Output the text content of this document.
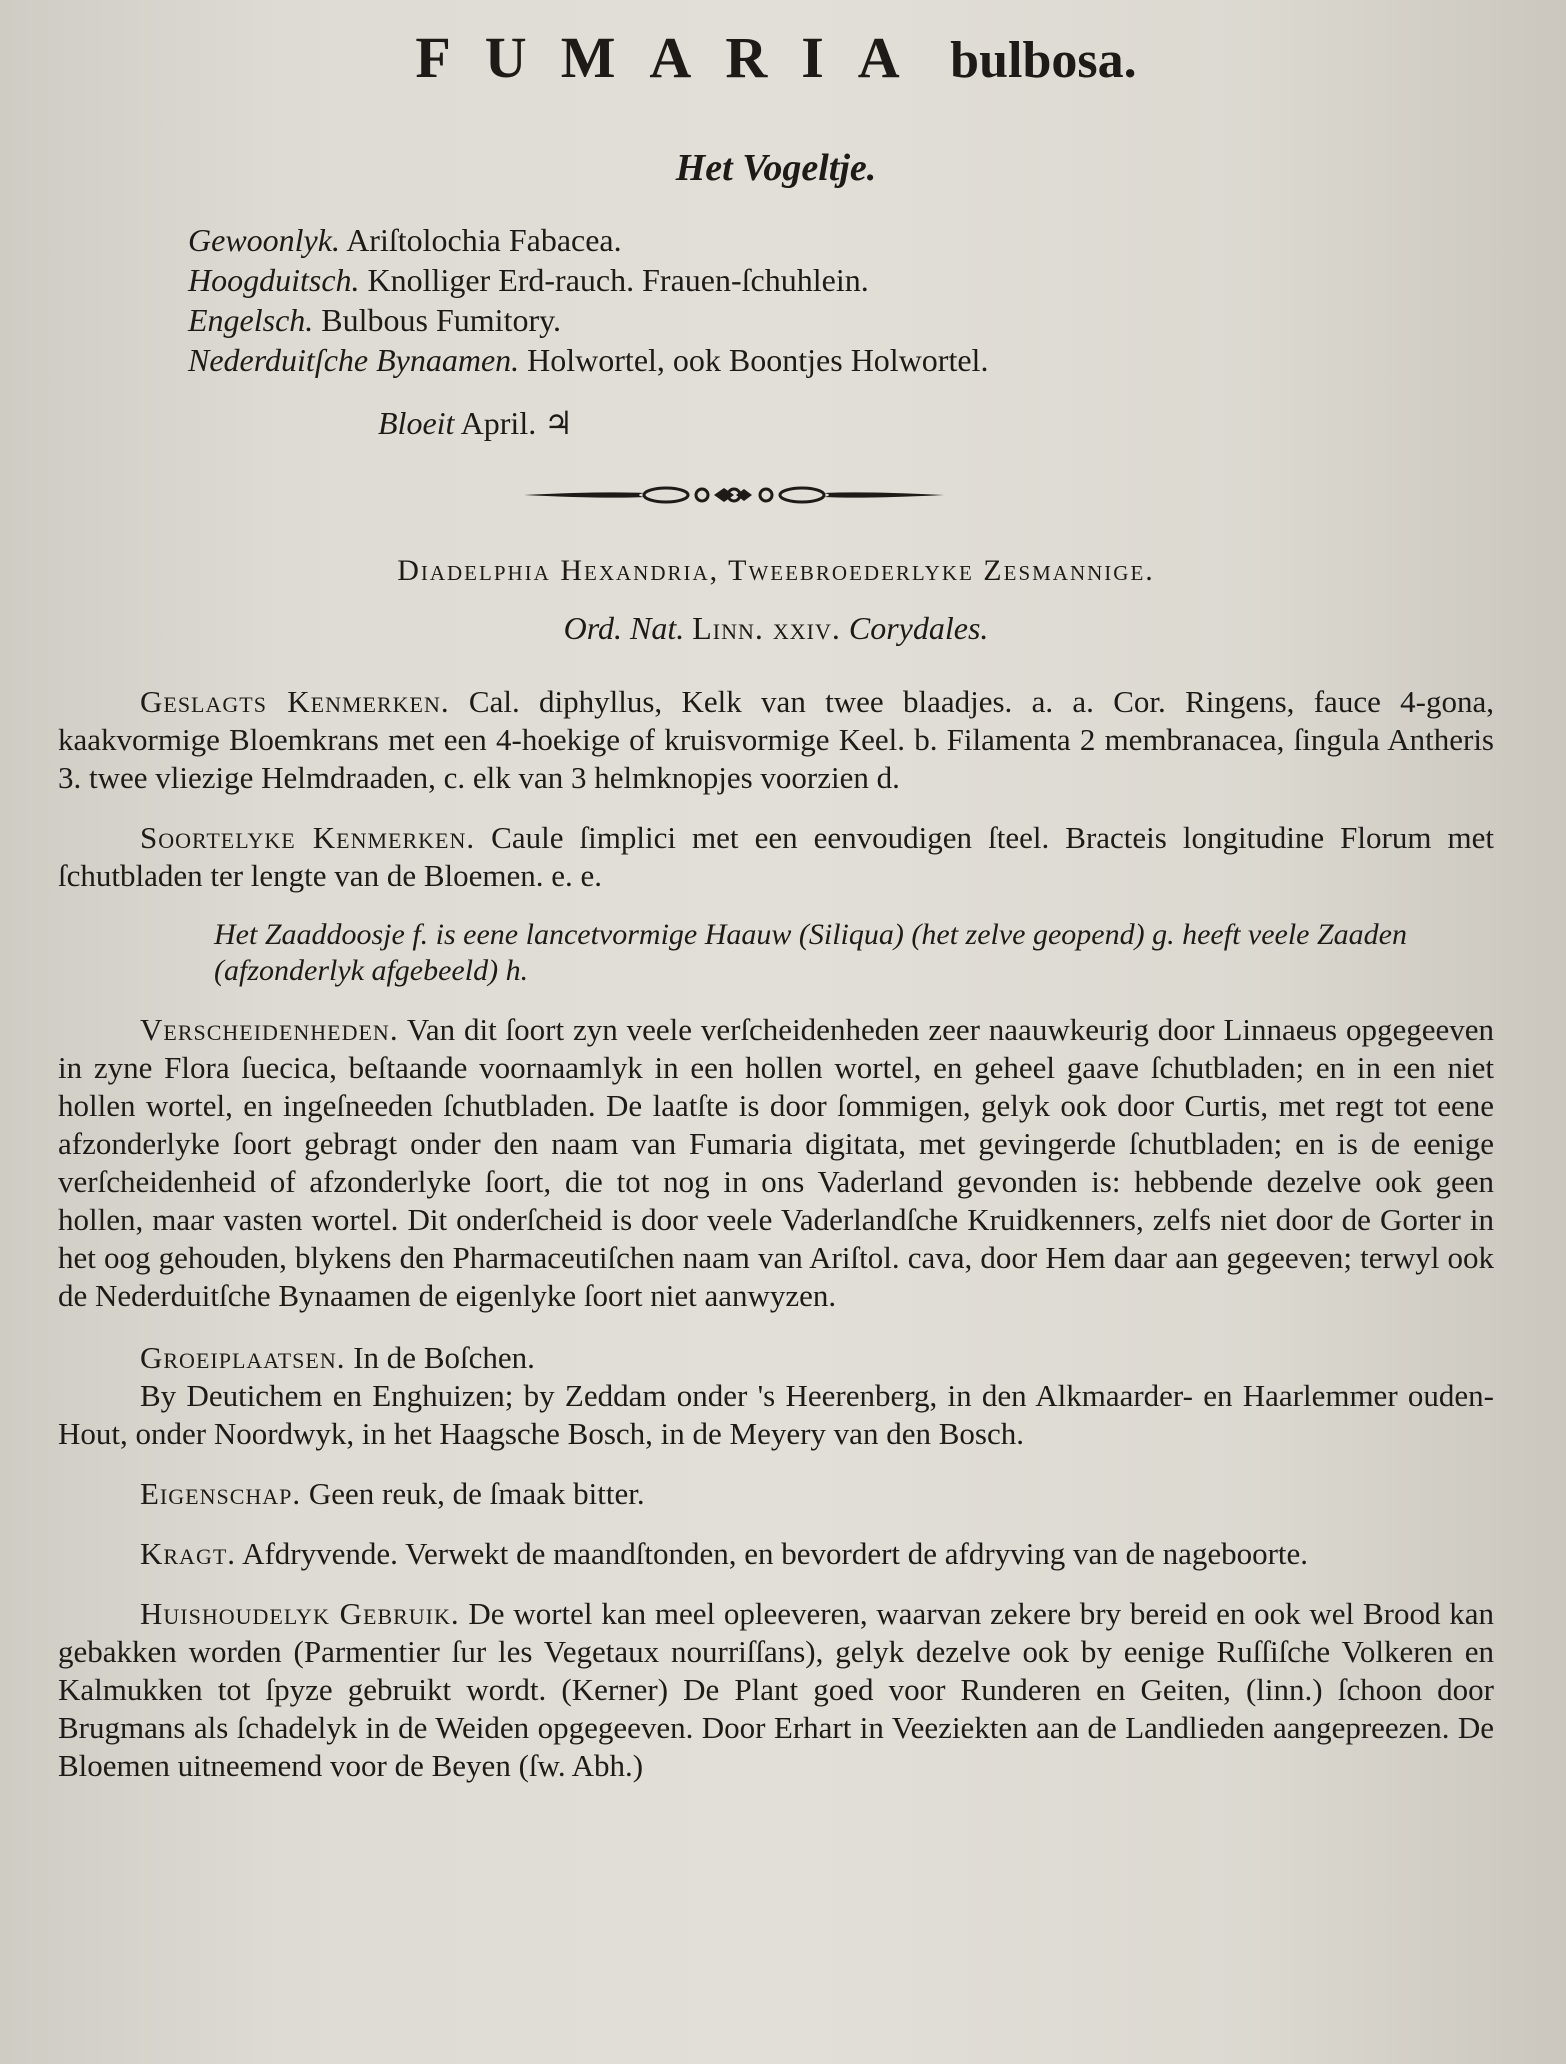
FUMARIA bulbosa.
Het Vogeltje.
Gewoonlyk. Ariſtolochia Fabacea.
Hoogduitsch. Knolliger Erd-rauch. Frauen-ſchuhlein.
Engelsch. Bulbous Fumitory.
Nederduitſche Bynaamen. Holwortel, ook Boontjes Holwortel.
Bloeit April. ♃
Diadelphia Hexandria, Tweebroederlyke Zesmannige.
Ord. Nat. Linn. xxiv. Corydales.

Geslagts Kenmerken. Cal. diphyllus, Kelk van twee blaadjes. a. a. Cor. Ringens, fauce 4-gona, kaakvormige Bloemkrans met een 4-hoekige of kruisvormige Keel. b. Filamenta 2 membranacea, ſingula Antheris 3. twee vliezige Helmdraaden, c. elk van 3 helmknopjes voorzien d.

Soortelyke Kenmerken. Caule ſimplici met een eenvoudigen ſteel. Bracteis longitudine Florum met ſchutbladen ter lengte van de Bloemen. e. e.

Het Zaaddoosje f. is eene lancetvormige Haauw (Siliqua) (het zelve geopend) g. heeft veele Zaaden (afzonderlyk afgebeeld) h.

Verscheidenheden. Van dit ſoort zyn veele verſcheidenheden zeer naauwkeurig door Linnaeus opgegeeven in zyne Flora ſuecica, beſtaande voornaamlyk in een hollen wortel, en geheel gaave ſchutbladen; en in een niet hollen wortel, en ingeſneeden ſchutbladen. De laatſte is door ſommigen, gelyk ook door Curtis, met regt tot eene afzonderlyke ſoort gebragt onder den naam van Fumaria digitata, met gevingerde ſchutbladen; en is de eenige verſcheidenheid of afzonderlyke ſoort, die tot nog in ons Vaderland gevonden is: hebbende dezelve ook geen hollen, maar vasten wortel. Dit onderſcheid is door veele Vaderlandſche Kruidkenners, zelfs niet door de Gorter in het oog gehouden, blykens den Pharmaceutiſchen naam van Ariſtol. cava, door Hem daar aan gegeeven; terwyl ook de Nederduitſche Bynaamen de eigenlyke ſoort niet aanwyzen.

Groeiplaatsen. In de Boſchen.

By Deutichem en Enghuizen; by Zeddam onder 's Heerenberg, in den Alkmaarder- en Haarlemmer ouden-Hout, onder Noordwyk, in het Haagsche Bosch, in de Meyery van den Bosch.

Eigenschap. Geen reuk, de ſmaak bitter.

Kragt. Afdryvende. Verwekt de maandſtonden, en bevordert de afdryving van de nageboorte.

Huishoudelyk Gebruik. De wortel kan meel opleeveren, waarvan zekere bry bereid en ook wel Brood kan gebakken worden (Parmentier ſur les Vegetaux nourriſſans), gelyk dezelve ook by eenige Ruſſiſche Volkeren en Kalmukken tot ſpyze gebruikt wordt. (Kerner) De Plant goed voor Runderen en Geiten, (linn.) ſchoon door Brugmans als ſchadelyk in de Weiden opgegeeven. Door Erhart in Veeziekten aan de Landlieden aangepreezen. De Bloemen uitneemend voor de Beyen (ſw. Abh.)
